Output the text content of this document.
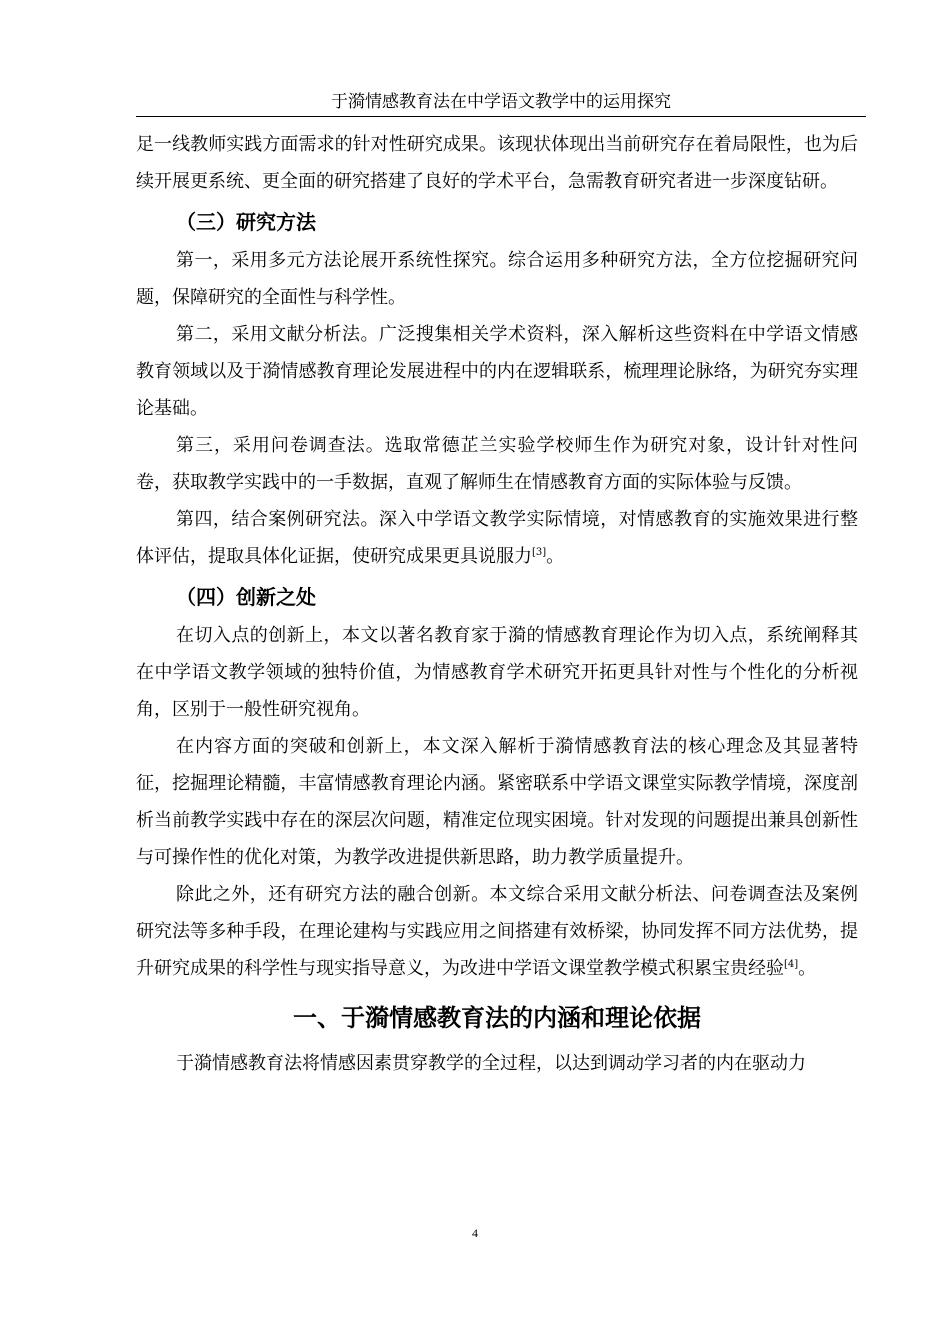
于漪情感教育法在中学语文教学中的运用探究

足一线教师实践方面需求的针对性研究成果。该现状体现出当前研究存在着局限性，也为后续开展更系统、更全面的研究搭建了良好的学术平台，急需教育研究者进一步深度钻研。

（三）研究方法

第一，采用多元方法论展开系统性探究。综合运用多种研究方法，全方位挖掘研究问题，保障研究的全面性与科学性。

第二，采用文献分析法。广泛搜集相关学术资料，深入解析这些资料在中学语文情感教育领域以及于漪情感教育理论发展进程中的内在逻辑联系，梳理理论脉络，为研究夯实理论基础。

第三，采用问卷调查法。选取常德芷兰实验学校师生作为研究对象，设计针对性问卷，获取教学实践中的一手数据，直观了解师生在情感教育方面的实际体验与反馈。

第四，结合案例研究法。深入中学语文教学实际情境，对情感教育的实施效果进行整体评估，提取具体化证据，使研究成果更具说服力[3]。

（四）创新之处

在切入点的创新上，本文以著名教育家于漪的情感教育理论作为切入点，系统阐释其在中学语文教学领域的独特价值，为情感教育学术研究开拓更具针对性与个性化的分析视角，区别于一般性研究视角。

在内容方面的突破和创新上，本文深入解析于漪情感教育法的核心理念及其显著特征，挖掘理论精髓，丰富情感教育理论内涵。紧密联系中学语文课堂实际教学情境，深度剖析当前教学实践中存在的深层次问题，精准定位现实困境。针对发现的问题提出兼具创新性与可操作性的优化对策，为教学改进提供新思路，助力教学质量提升。

除此之外，还有研究方法的融合创新。本文综合采用文献分析法、问卷调查法及案例研究法等多种手段，在理论建构与实践应用之间搭建有效桥梁，协同发挥不同方法优势，提升研究成果的科学性与现实指导意义，为改进中学语文课堂教学模式积累宝贵经验[4]。

一、于漪情感教育法的内涵和理论依据

于漪情感教育法将情感因素贯穿教学的全过程，以达到调动学习者的内在驱动力

4
